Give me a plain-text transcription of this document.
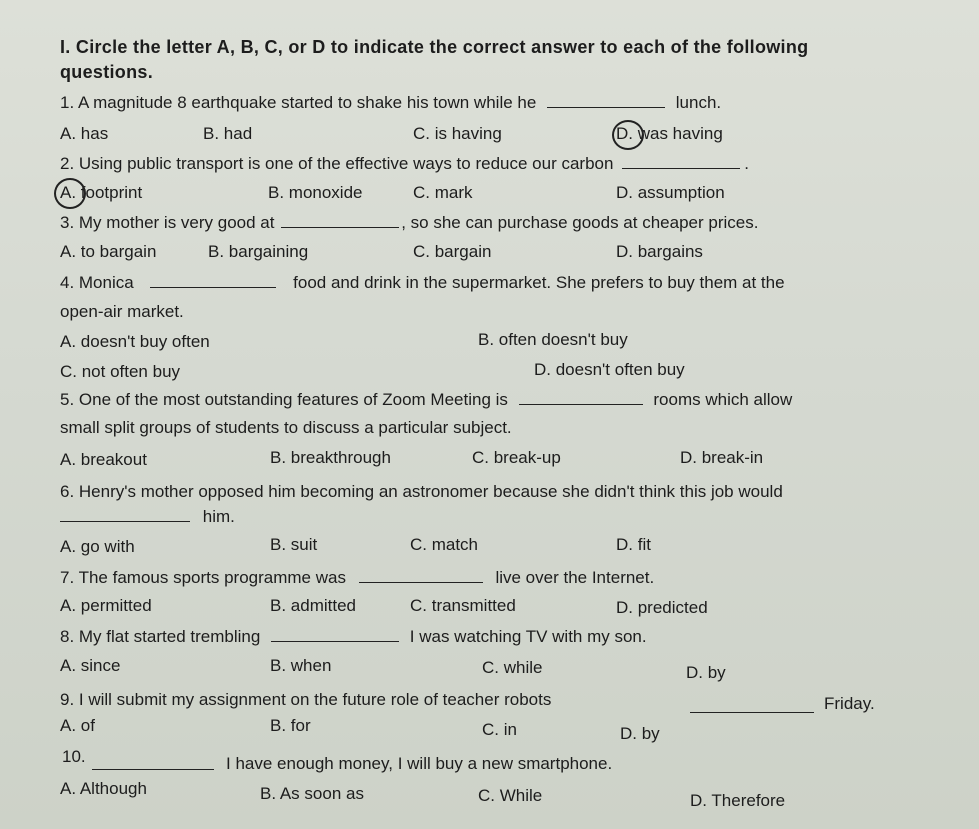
I. Circle the letter A, B, C, or D to indicate the correct answer to each of the following
questions.
1. A magnitude 8 earthquake started to shake his town while he	lunch.
A. has	B. had	C. is having	D. was having
2. Using public transport is one of the effective ways to reduce our carbon	.
A. footprint	B. monoxide	C. mark	D. assumption
3. My mother is very good at	, so she can purchase goods at cheaper prices.
A. to bargain	B. bargaining	C. bargain	D. bargains
4. Monica	food and drink in the supermarket. She prefers to buy them at the
open-air market.
A. doesn't buy often	B. often doesn't buy
C. not often buy	D. doesn't often buy
5. One of the most outstanding features of Zoom Meeting is	rooms which allow
small split groups of students to discuss a particular subject.
A. breakout	B. breakthrough	C. break-up	D. break-in
6. Henry's mother opposed him becoming an astronomer because she didn't think this job would
him.
A. go with	B. suit	C. match	D. fit
7. The famous sports programme was	live over the Internet.
A. permitted	B. admitted	C. transmitted	D. predicted
8. My flat started trembling	I was watching TV with my son.
A. since	B. when	C. while	D. by
9. I will submit my assignment on the future role of teacher robots	Friday.
A. of	B. for	C. in	D. by
10.	I have enough money, I will buy a new smartphone.
A. Although	B. As soon as	C. While	D. Therefore
